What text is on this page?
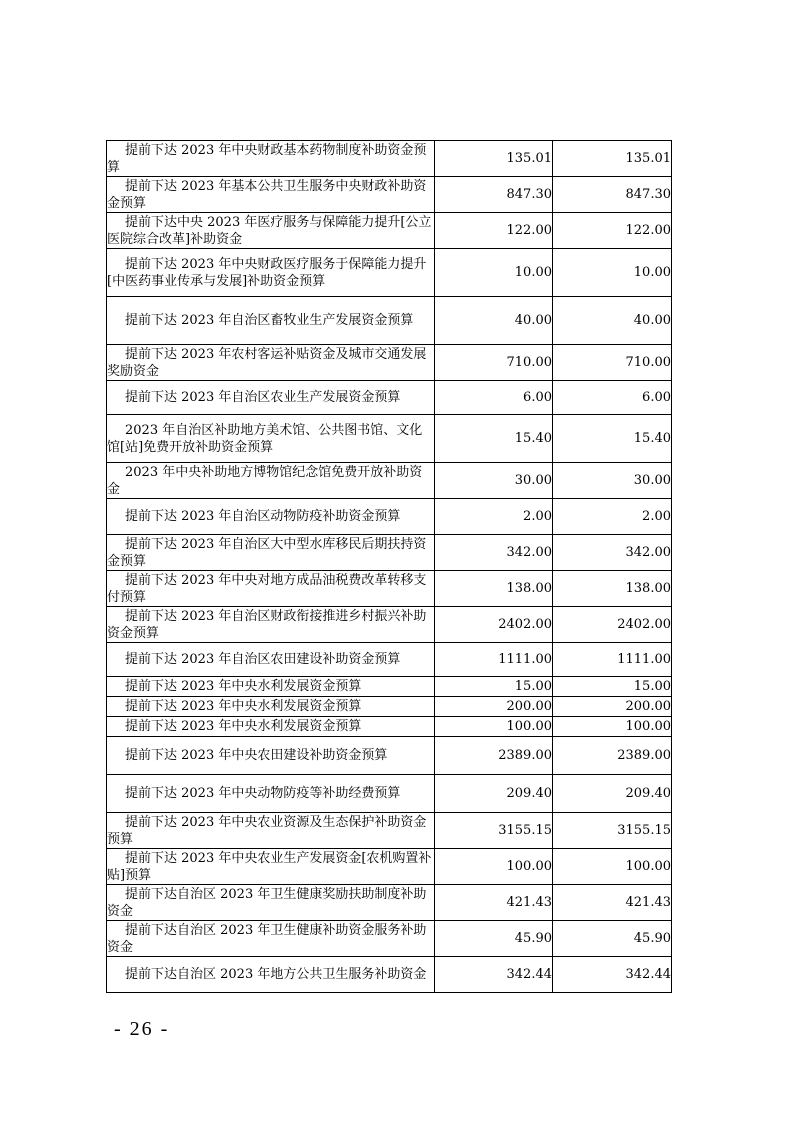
提前下达 2023 年中央财政基本药物制度补助资金预算	135.01	135.01
提前下达 2023 年基本公共卫生服务中央财政补助资金预算	847.30	847.30
提前下达中央 2023 年医疗服务与保障能力提升[公立医院综合改革]补助资金	122.00	122.00
提前下达 2023 年中央财政医疗服务于保障能力提升[中医药事业传承与发展]补助资金预算	10.00	10.00
提前下达 2023 年自治区畜牧业生产发展资金预算	40.00	40.00
提前下达 2023 年农村客运补贴资金及城市交通发展奖励资金	710.00	710.00
提前下达 2023 年自治区农业生产发展资金预算	6.00	6.00
2023 年自治区补助地方美术馆、公共图书馆、文化馆[站]免费开放补助资金预算	15.40	15.40
2023 年中央补助地方博物馆纪念馆免费开放补助资金	30.00	30.00
提前下达 2023 年自治区动物防疫补助资金预算	2.00	2.00
提前下达 2023 年自治区大中型水库移民后期扶持资金预算	342.00	342.00
提前下达 2023 年中央对地方成品油税费改革转移支付预算	138.00	138.00
提前下达 2023 年自治区财政衔接推进乡村振兴补助资金预算	2402.00	2402.00
提前下达 2023 年自治区农田建设补助资金预算	1111.00	1111.00
提前下达 2023 年中央水利发展资金预算	15.00	15.00
提前下达 2023 年中央水利发展资金预算	200.00	200.00
提前下达 2023 年中央水利发展资金预算	100.00	100.00
提前下达 2023 年中央农田建设补助资金预算	2389.00	2389.00
提前下达 2023 年中央动物防疫等补助经费预算	209.40	209.40
提前下达 2023 年中央农业资源及生态保护补助资金预算	3155.15	3155.15
提前下达 2023 年中央农业生产发展资金[农机购置补贴]预算	100.00	100.00
提前下达自治区 2023 年卫生健康奖励扶助制度补助资金	421.43	421.43
提前下达自治区 2023 年卫生健康补助资金服务补助资金	45.90	45.90
提前下达自治区 2023 年地方公共卫生服务补助资金	342.44	342.44
- 26 -
